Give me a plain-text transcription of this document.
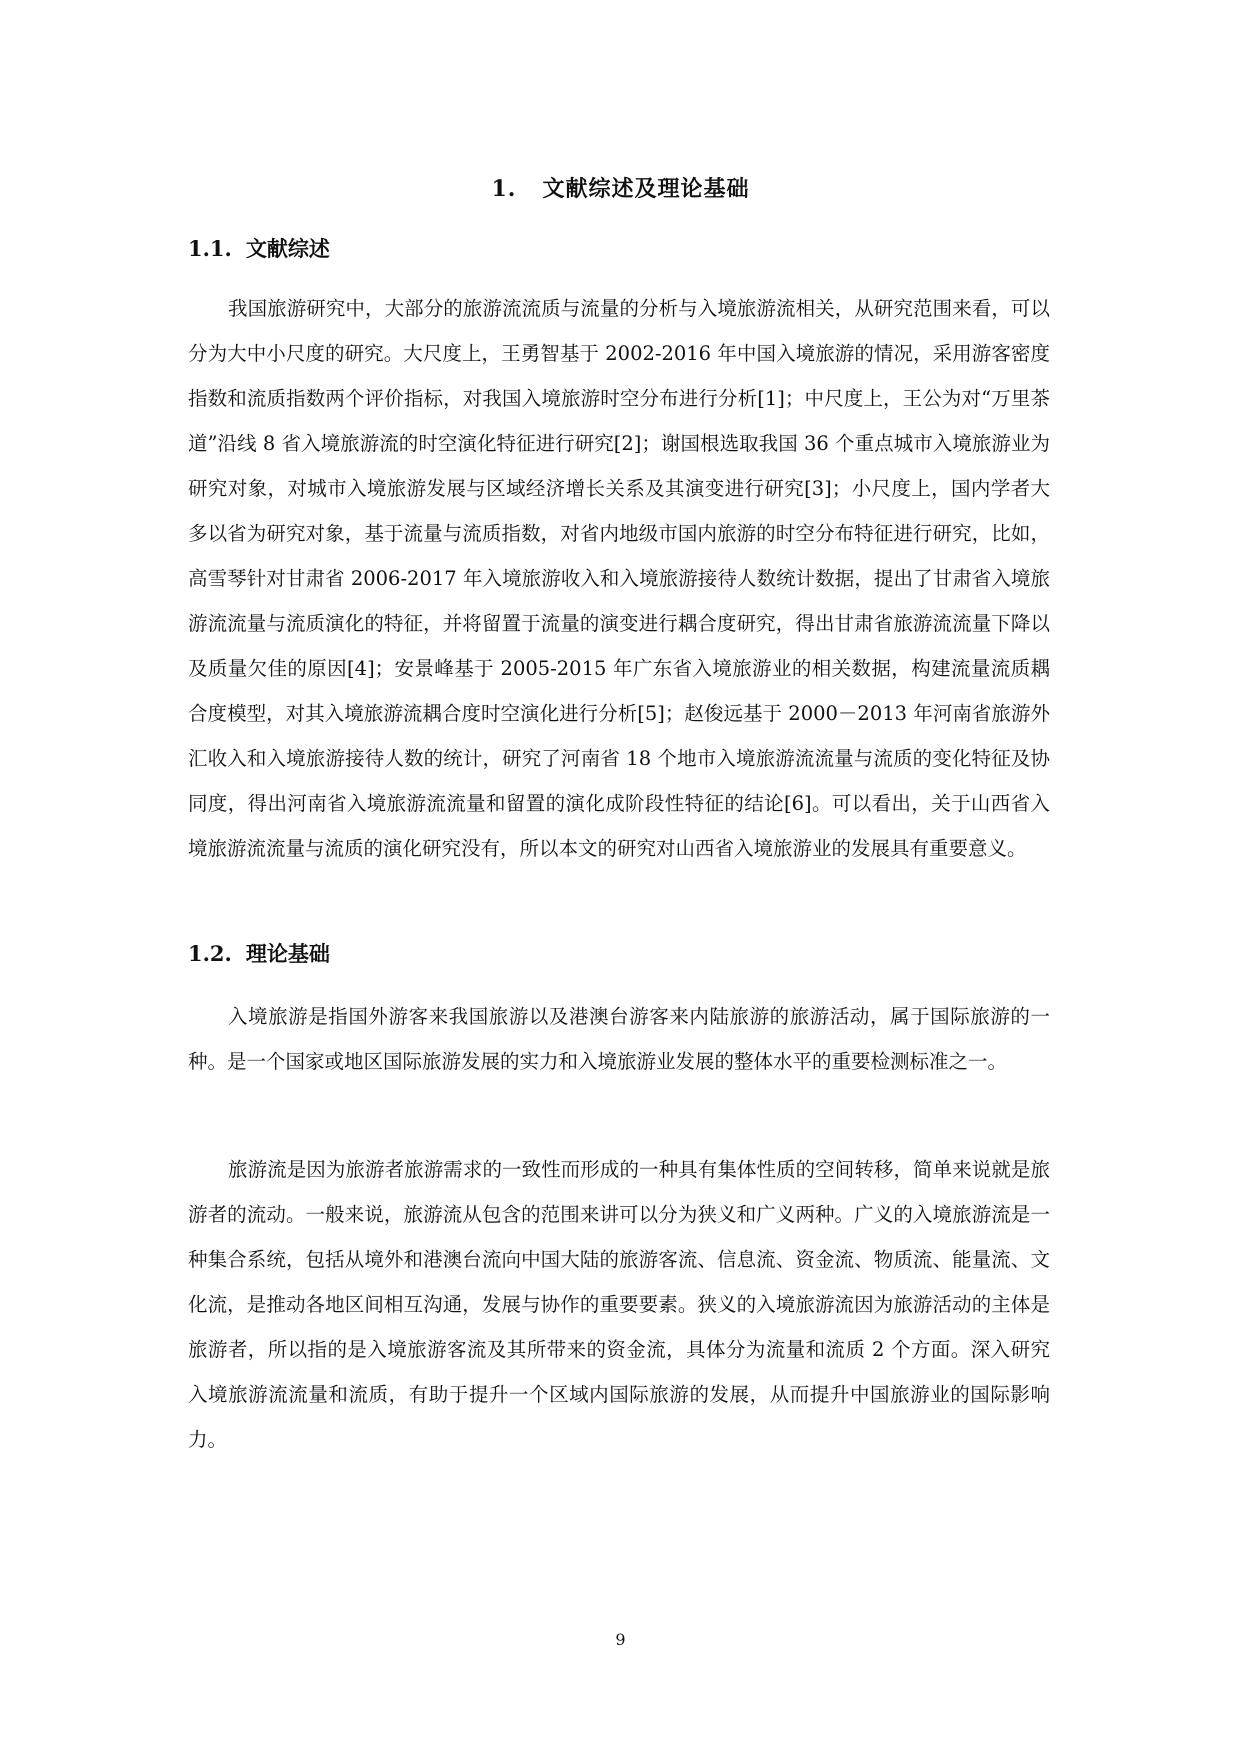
1. 文献综述及理论基础
1.1. 文献综述

我国旅游研究中，大部分的旅游流流质与流量的分析与入境旅游流相关，从研究范围来看，可以分为大中小尺度的研究。大尺度上，王勇智基于 2002-2016 年中国入境旅游的情况，采用游客密度指数和流质指数两个评价指标，对我国入境旅游时空分布进行分析[1]；中尺度上，王公为对“万里茶道”沿线 8 省入境旅游流的时空演化特征进行研究[2]；谢国根选取我国 36 个重点城市入境旅游业为研究对象，对城市入境旅游发展与区域经济增长关系及其演变进行研究[3]；小尺度上，国内学者大多以省为研究对象，基于流量与流质指数，对省内地级市国内旅游的时空分布特征进行研究，比如，高雪琴针对甘肃省 2006-2017 年入境旅游收入和入境旅游接待人数统计数据，提出了甘肃省入境旅游流流量与流质演化的特征，并将留置于流量的演变进行耦合度研究，得出甘肃省旅游流流量下降以及质量欠佳的原因[4]；安景峰基于 2005-2015 年广东省入境旅游业的相关数据，构建流量流质耦合度模型，对其入境旅游流耦合度时空演化进行分析[5]；赵俊远基于 2000－2013 年河南省旅游外汇收入和入境旅游接待人数的统计，研究了河南省 18 个地市入境旅游流流量与流质的变化特征及协同度，得出河南省入境旅游流流量和留置的演化成阶段性特征的结论[6]。可以看出，关于山西省入境旅游流流量与流质的演化研究没有，所以本文的研究对山西省入境旅游业的发展具有重要意义。

1.2. 理论基础

入境旅游是指国外游客来我国旅游以及港澳台游客来内陆旅游的旅游活动，属于国际旅游的一种。是一个国家或地区国际旅游发展的实力和入境旅游业发展的整体水平的重要检测标准之一。

旅游流是因为旅游者旅游需求的一致性而形成的一种具有集体性质的空间转移，简单来说就是旅游者的流动。一般来说，旅游流从包含的范围来讲可以分为狭义和广义两种。广义的入境旅游流是一种集合系统，包括从境外和港澳台流向中国大陆的旅游客流、信息流、资金流、物质流、能量流、文化流，是推动各地区间相互沟通，发展与协作的重要要素。狭义的入境旅游流因为旅游活动的主体是旅游者，所以指的是入境旅游客流及其所带来的资金流，具体分为流量和流质 2 个方面。深入研究入境旅游流流量和流质，有助于提升一个区域内国际旅游的发展，从而提升中国旅游业的国际影响力。

9
